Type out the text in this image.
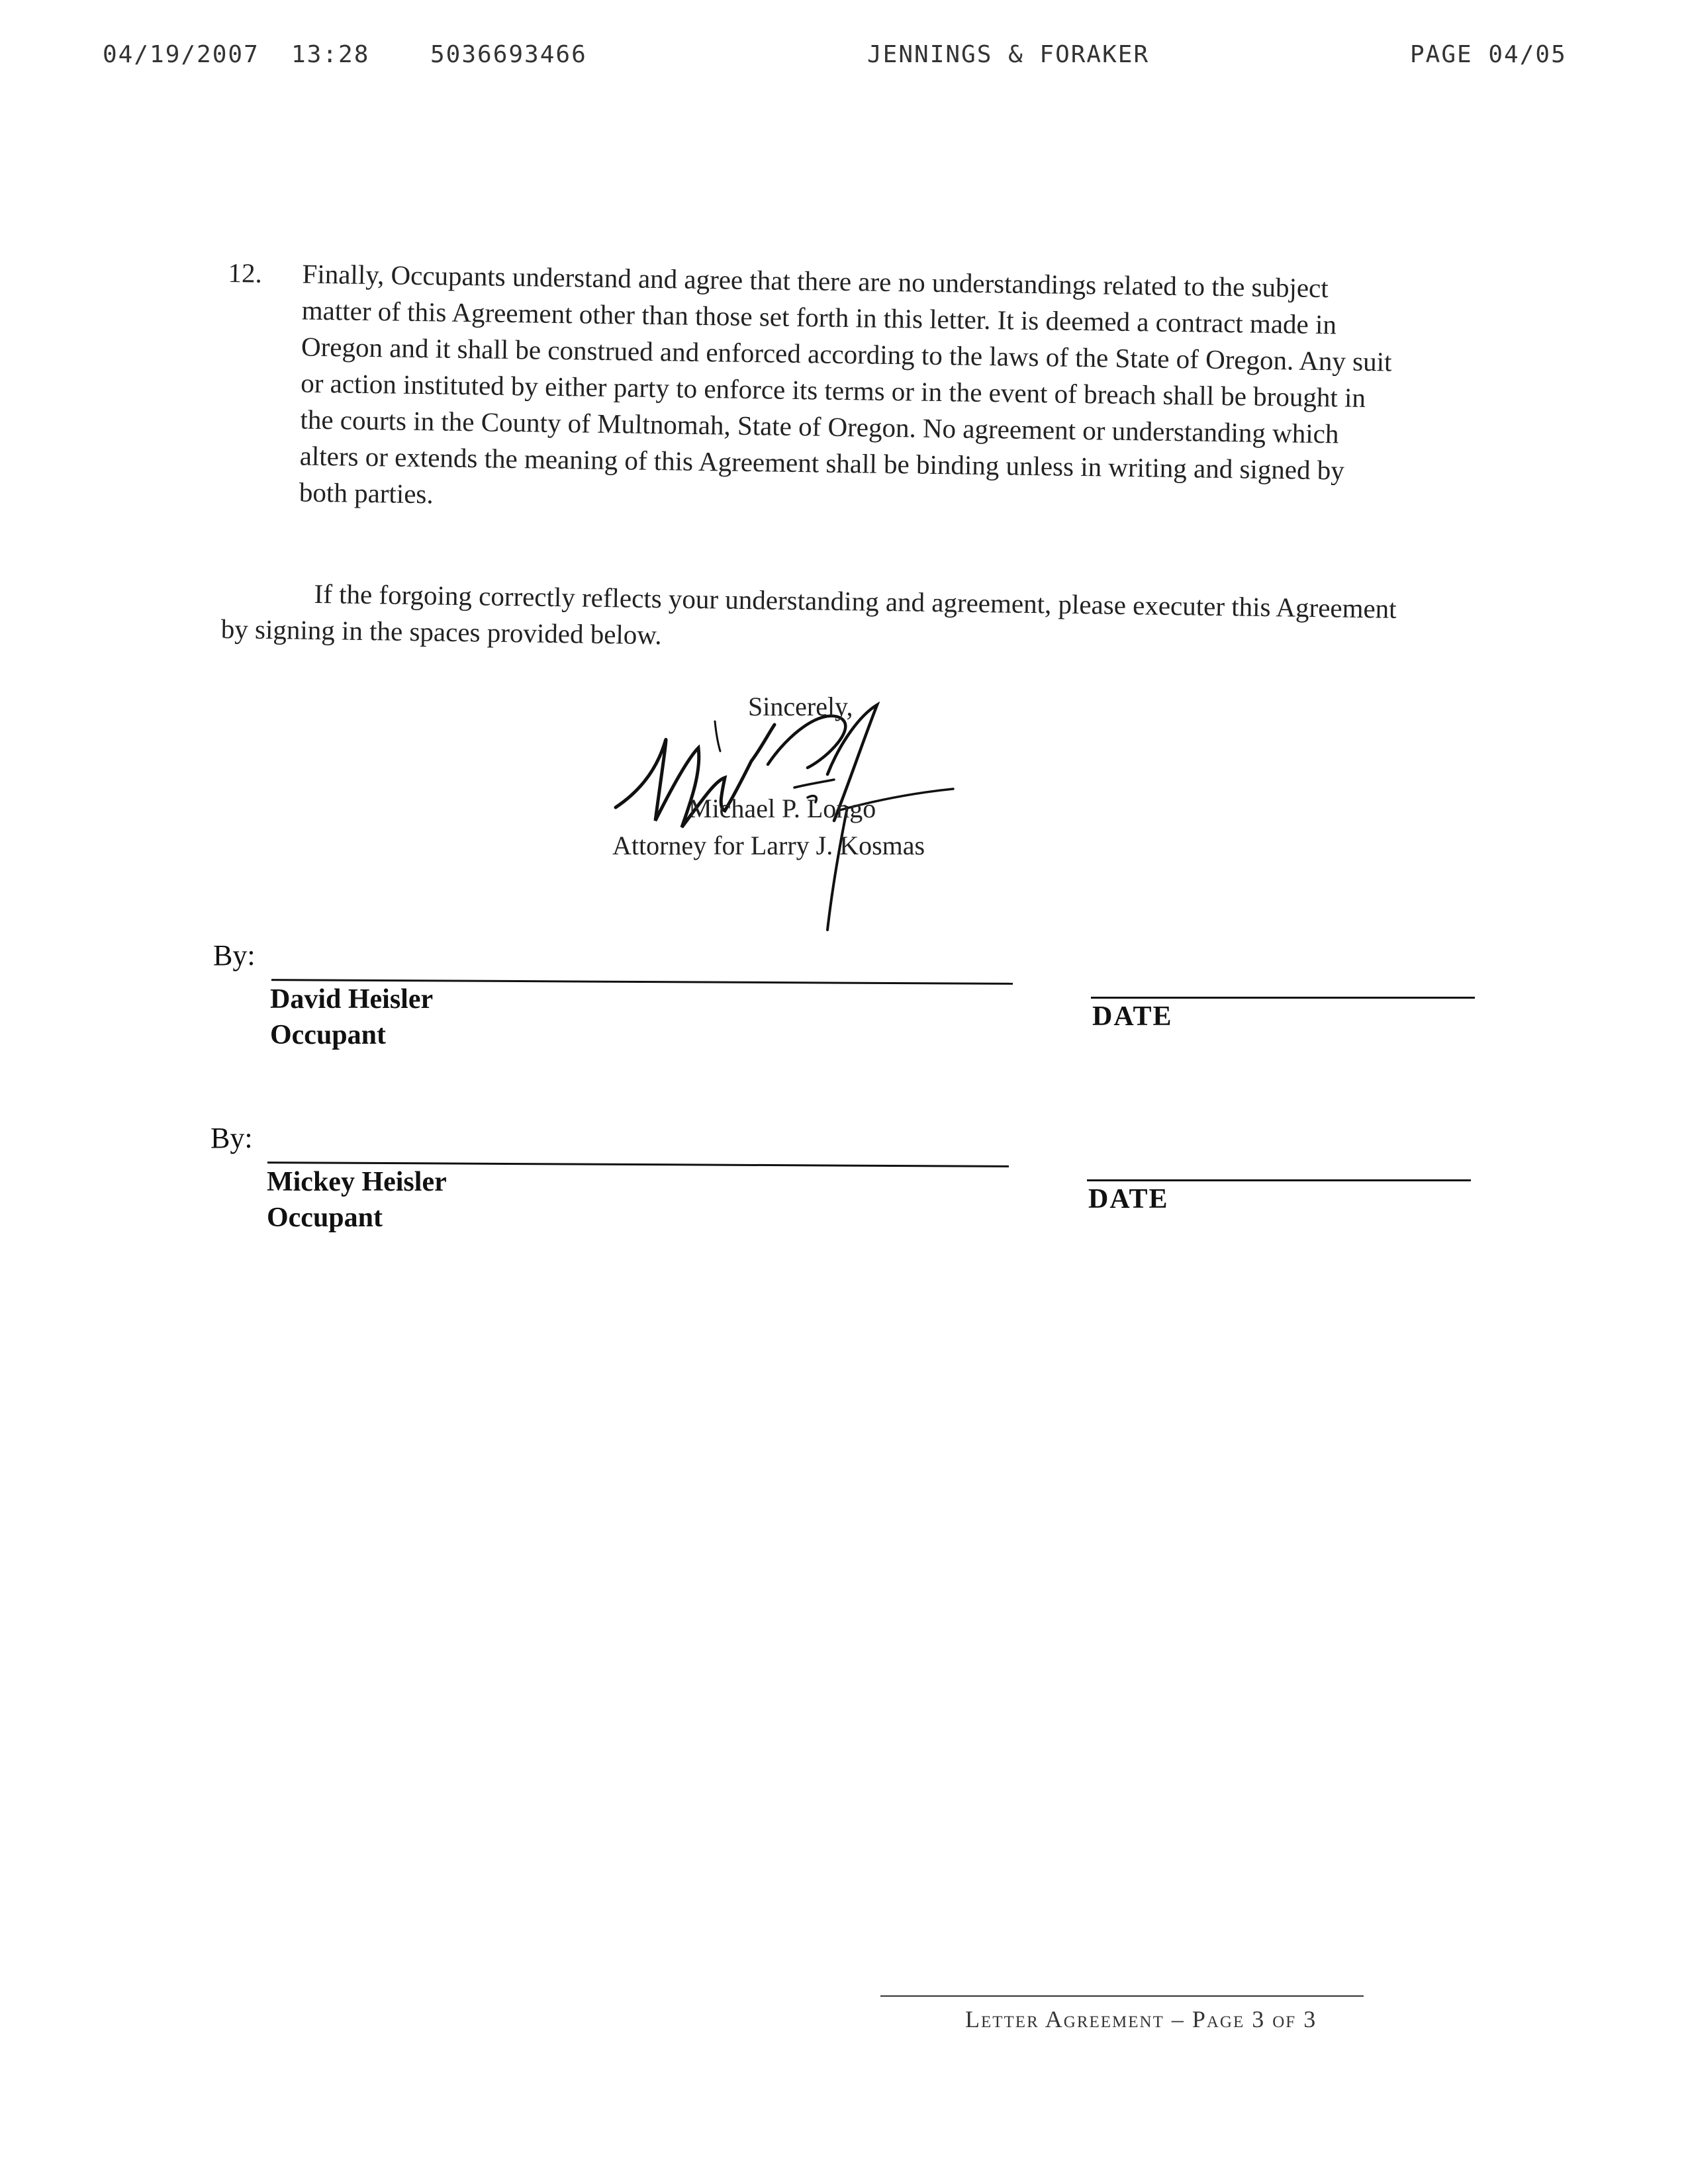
04/19/2007 13:28	5036693466	JENNINGS & FORAKER	PAGE 04/05
12. Finally, Occupants understand and agree that there are no understandings related to the subject matter of this Agreement other than those set forth in this letter. It is deemed a contract made in Oregon and it shall be construed and enforced according to the laws of the State of Oregon. Any suit or action instituted by either party to enforce its terms or in the event of breach shall be brought in the courts in the County of Multnomah, State of Oregon. No agreement or understanding which alters or extends the meaning of this Agreement shall be binding unless in writing and signed by both parties.
If the forgoing correctly reflects your understanding and agreement, please executer this Agreement by signing in the spaces provided below.
Sincerely,
Michael P. Longo
Attorney for Larry J. Kosmas
By:
David Heisler
Occupant
DATE
By:
Mickey Heisler
Occupant
DATE
Letter Agreement – Page 3 of 3
